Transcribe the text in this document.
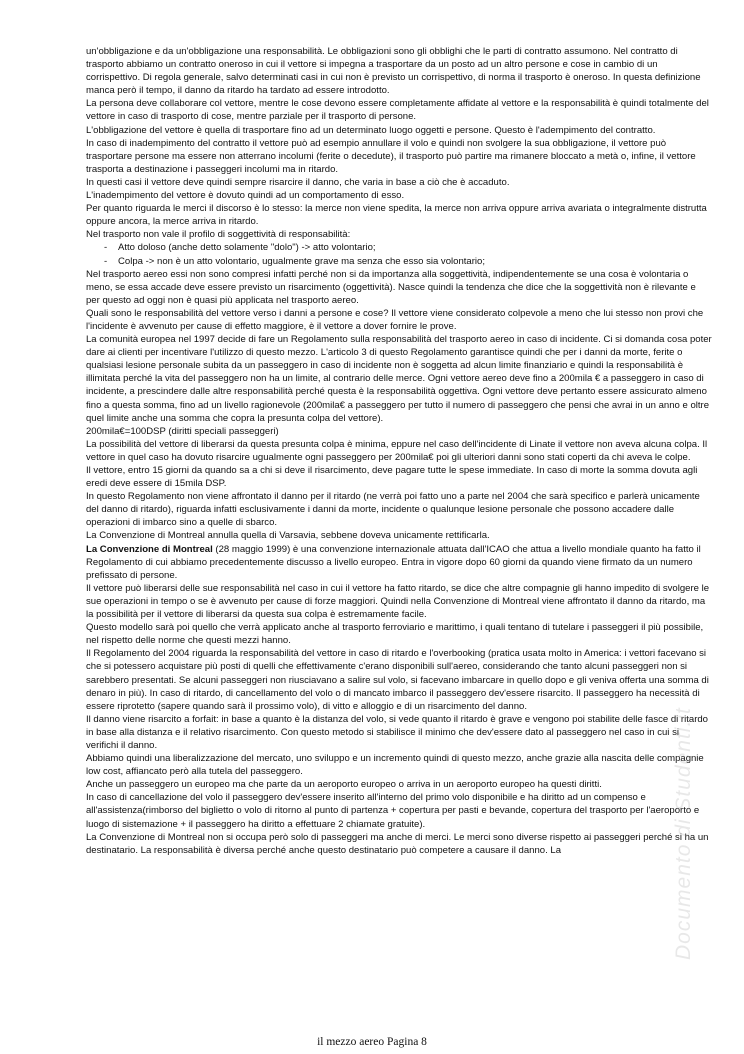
un'obbligazione e da un'obbligazione una responsabilità. Le obbligazioni sono gli obblighi che le parti di contratto assumono. Nel contratto di trasporto abbiamo un contratto oneroso in cui il vettore si impegna a trasportare da un posto ad un altro persone e cose in cambio di un corrispettivo. Di regola generale, salvo determinati casi in cui non è previsto un corrispettivo, di norma il trasporto è oneroso. In questa definizione manca però il tempo, il danno da ritardo ha tardato ad essere introdotto.

La persona deve collaborare col vettore, mentre le cose devono essere completamente affidate al vettore e la responsabilità è quindi totalmente del vettore in caso di trasporto di cose, mentre parziale per il trasporto di persone.

L'obbligazione del vettore è quella di trasportare fino ad un determinato luogo oggetti e persone. Questo è l'adempimento del contratto.

In caso di inadempimento del contratto il vettore può ad esempio annullare il volo e quindi non svolgere la sua obbligazione, il vettore può trasportare persone ma essere non atterrano incolumi (ferite o decedute), il trasporto può partire ma rimanere bloccato a metà o, infine, il vettore trasporta a destinazione i passeggeri incolumi ma in ritardo.

In questi casi il vettore deve quindi sempre risarcire il danno, che varia in base a ciò che è accaduto.

L'inadempimento del vettore è dovuto quindi ad un comportamento di esso.

Per quanto riguarda le merci il discorso è lo stesso: la merce non viene spedita, la merce non arriva oppure arriva avariata o integralmente distrutta oppure ancora, la merce arriva in ritardo.

Nel trasporto non vale il profilo di soggettività di responsabilità:

- Atto doloso (anche detto solamente "dolo") -> atto volontario;
- Colpa -> non è un atto volontario, ugualmente grave ma senza che esso sia volontario;

Nel trasporto aereo essi non sono compresi infatti perché non si da importanza alla soggettività, indipendentemente se una cosa è volontaria o meno, se essa accade deve essere previsto un risarcimento (oggettività). Nasce quindi la tendenza che dice che la soggettività non è rilevante e per questo ad oggi non è quasi più applicata nel trasporto aereo.

Quali sono le responsabilità del vettore verso i danni a persone e cose? Il vettore viene considerato colpevole a meno che lui stesso non provi che l'incidente è avvenuto per cause di effetto maggiore, è il vettore a dover fornire le prove.

La comunità europea nel 1997 decide di fare un Regolamento sulla responsabilità del trasporto aereo in caso di incidente. Ci si domanda cosa poter dare ai clienti per incentivare l'utilizzo di questo mezzo. L'articolo 3 di questo Regolamento garantisce quindi che per i danni da morte, ferite o qualsiasi lesione personale subita da un passeggero in caso di incidente non è soggetta ad alcun limite finanziario e quindi la responsabilità è illimitata perché la vita del passeggero non ha un limite, al contrario delle merce. Ogni vettore aereo deve fino a 200mila € a passeggero in caso di incidente, a prescindere dalle altre responsabilità perché questa è la responsabilità oggettiva. Ogni vettore deve pertanto essere assicurato almeno fino a questa somma, fino ad un livello ragionevole (200mila€ a passeggero per tutto il numero di passeggero che pensi che avrai in un anno e oltre quel limite anche una somma che copra la presunta colpa del vettore).

200mila€=100DSP (diritti speciali passeggeri)

La possibilità del vettore di liberarsi da questa presunta colpa è minima, eppure nel caso dell'incidente di Linate il vettore non aveva alcuna colpa. Il vettore in quel caso ha dovuto risarcire ugualmente ogni passeggero per 200mila€ poi gli ulteriori danni sono stati coperti da chi aveva le colpe.

Il vettore, entro 15 giorni da quando sa a chi si deve il risarcimento, deve pagare tutte le spese immediate. In caso di morte la somma dovuta agli eredi deve essere di 15mila DSP.

In questo Regolamento non viene affrontato il danno per il ritardo (ne verrà poi fatto uno a parte nel 2004 che sarà specifico e parlerà unicamente del danno di ritardo), riguarda infatti esclusivamente i danni da morte, incidente o qualunque lesione personale che possono accadere dalle operazioni di imbarco sino a quelle di sbarco.

La Convenzione di Montreal annulla quella di Varsavia, sebbene doveva unicamente rettificarla.

La Convenzione di Montreal (28 maggio 1999) è una convenzione internazionale attuata dall'ICAO che attua a livello mondiale quanto ha fatto il Regolamento di cui abbiamo precedentemente discusso a livello europeo. Entra in vigore dopo 60 giorni da quando viene firmato da un numero prefissato di persone.

Il vettore può liberarsi delle sue responsabilità nel caso in cui il vettore ha fatto ritardo, se dice che altre compagnie gli hanno impedito di svolgere le sue operazioni in tempo o se è avvenuto per cause di forze maggiori. Quindi nella Convenzione di Montreal viene affrontato il danno da ritardo, ma la possibilità per il vettore di liberarsi da questa sua colpa è estremamente facile.

Questo modello sarà poi quello che verrà applicato anche al trasporto ferroviario e marittimo, i quali tentano di tutelare i passeggeri il più possibile, nel rispetto delle norme che questi mezzi hanno.

Il Regolamento del 2004 riguarda la responsabilità del vettore in caso di ritardo e l'overbooking (pratica usata molto in America: i vettori facevano si che si potessero acquistare più posti di quelli che effettivamente c'erano disponibili sull'aereo, considerando che tanto alcuni passeggeri non si sarebbero presentati. Se alcuni passeggeri non riusciavano a salire sul volo, si facevano imbarcare in quello dopo e gli veniva offerta una somma di denaro in più). In caso di ritardo, di cancellamento del volo o di mancato imbarco il passeggero dev'essere risarcito. Il passeggero ha necessità di essere riprotetto (sapere quando sarà il prossimo volo), di vitto e alloggio e di un risarcimento del danno.

Il danno viene risarcito a forfait: in base a quanto è la distanza del volo, si vede quanto il ritardo è grave e vengono poi stabilite delle fasce di ritardo in base alla distanza e il relativo risarcimento. Con questo metodo si stabilisce il minimo che dev'essere dato al passeggero nel caso in cui si verifichi il danno.

Abbiamo quindi una liberalizzazione del mercato, uno sviluppo e un incremento quindi di questo mezzo, anche grazie alla nascita delle compagnie low cost, affiancato però alla tutela del passeggero.

Anche un passeggero un europeo ma che parte da un aeroporto europeo o arriva in un aeroporto europeo ha questi diritti.

In caso di cancellazione del volo il passeggero dev'essere inserito all'interno del primo volo disponibile e ha diritto ad un compenso e all'assistenza(rimborso del biglietto o volo di ritorno al punto di partenza + copertura per pasti e bevande, copertura del trasporto per l'aeroporto e luogo di sistemazione + il passeggero ha diritto a effettuare 2 chiamate gratuite).

La Convenzione di Montreal non si occupa però solo di passeggeri ma anche di merci. Le merci sono diverse rispetto ai passeggeri perché si ha un destinatario. La responsabilità è diversa perché anche questo destinatario può competere a causare il danno. La	Documento di Studenti.it
il mezzo aereo Pagina 8
